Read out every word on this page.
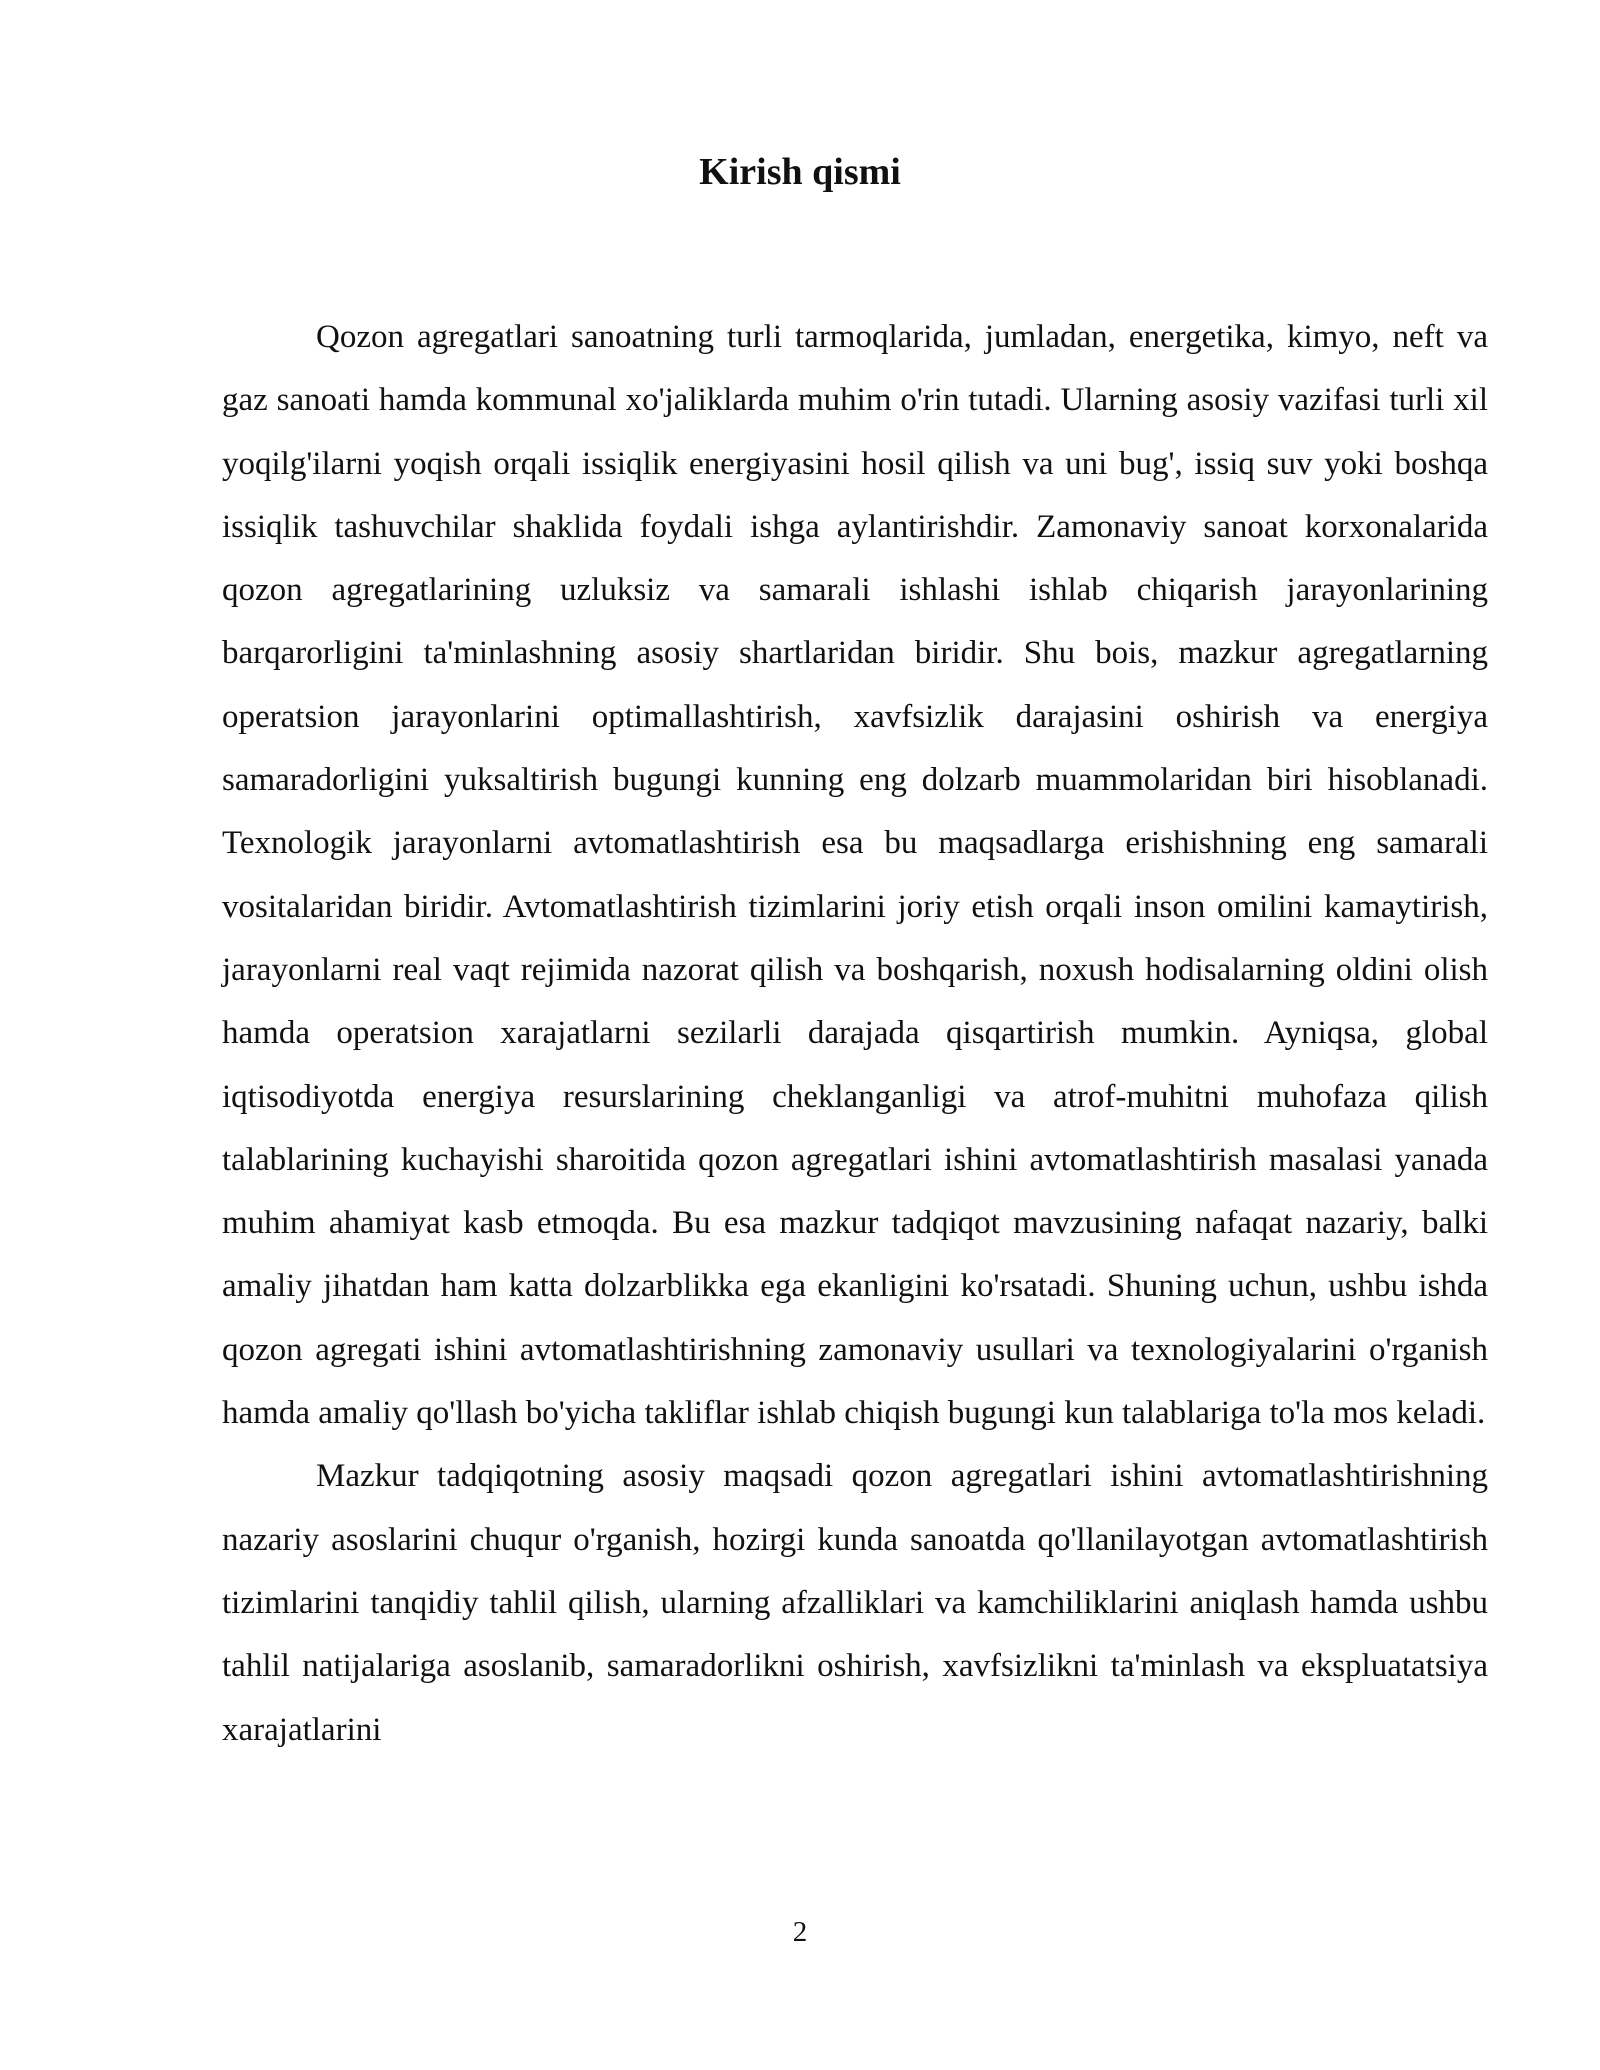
Kirish qismi

Qozon agregatlari sanoatning turli tarmoqlarida, jumladan, energetika, kimyo, neft va gaz sanoati hamda kommunal xo'jaliklarda muhim o'rin tutadi. Ularning asosiy vazifasi turli xil yoqilg'ilarni yoqish orqali issiqlik energiyasini hosil qilish va uni bug', issiq suv yoki boshqa issiqlik tashuvchilar shaklida foydali ishga aylantirishdir. Zamonaviy sanoat korxonalarida qozon agregatlarining uzluksiz va samarali ishlashi ishlab chiqarish jarayonlarining barqarorligini ta'minlashning asosiy shartlaridan biridir. Shu bois, mazkur agregatlarning operatsion jarayonlarini optimallashtirish, xavfsizlik darajasini oshirish va energiya samaradorligini yuksaltirish bugungi kunning eng dolzarb muammolaridan biri hisoblanadi. Texnologik jarayonlarni avtomatlashtirish esa bu maqsadlarga erishishning eng samarali vositalaridan biridir. Avtomatlashtirish tizimlarini joriy etish orqali inson omilini kamaytirish, jarayonlarni real vaqt rejimida nazorat qilish va boshqarish, noxush hodisalarning oldini olish hamda operatsion xarajatlarni sezilarli darajada qisqartirish mumkin. Ayniqsa, global iqtisodiyotda energiya resurslarining cheklanganligi va atrof-muhitni muhofaza qilish talablarining kuchayishi sharoitida qozon agregatlari ishini avtomatlashtirish masalasi yanada muhim ahamiyat kasb etmoqda. Bu esa mazkur tadqiqot mavzusining nafaqat nazariy, balki amaliy jihatdan ham katta dolzarblikka ega ekanligini ko'rsatadi. Shuning uchun, ushbu ishda qozon agregati ishini avtomatlashtirishning zamonaviy usullari va texnologiyalarini o'rganish hamda amaliy qo'llash bo'yicha takliflar ishlab chiqish bugungi kun talablariga to'la mos keladi.

Mazkur tadqiqotning asosiy maqsadi qozon agregatlari ishini avtomatlashtirishning nazariy asoslarini chuqur o'rganish, hozirgi kunda sanoatda qo'llanilayotgan avtomatlashtirish tizimlarini tanqidiy tahlil qilish, ularning afzalliklari va kamchiliklarini aniqlash hamda ushbu tahlil natijalariga asoslanib, samaradorlikni oshirish, xavfsizlikni ta'minlash va ekspluatatsiya xarajatlarini

2
